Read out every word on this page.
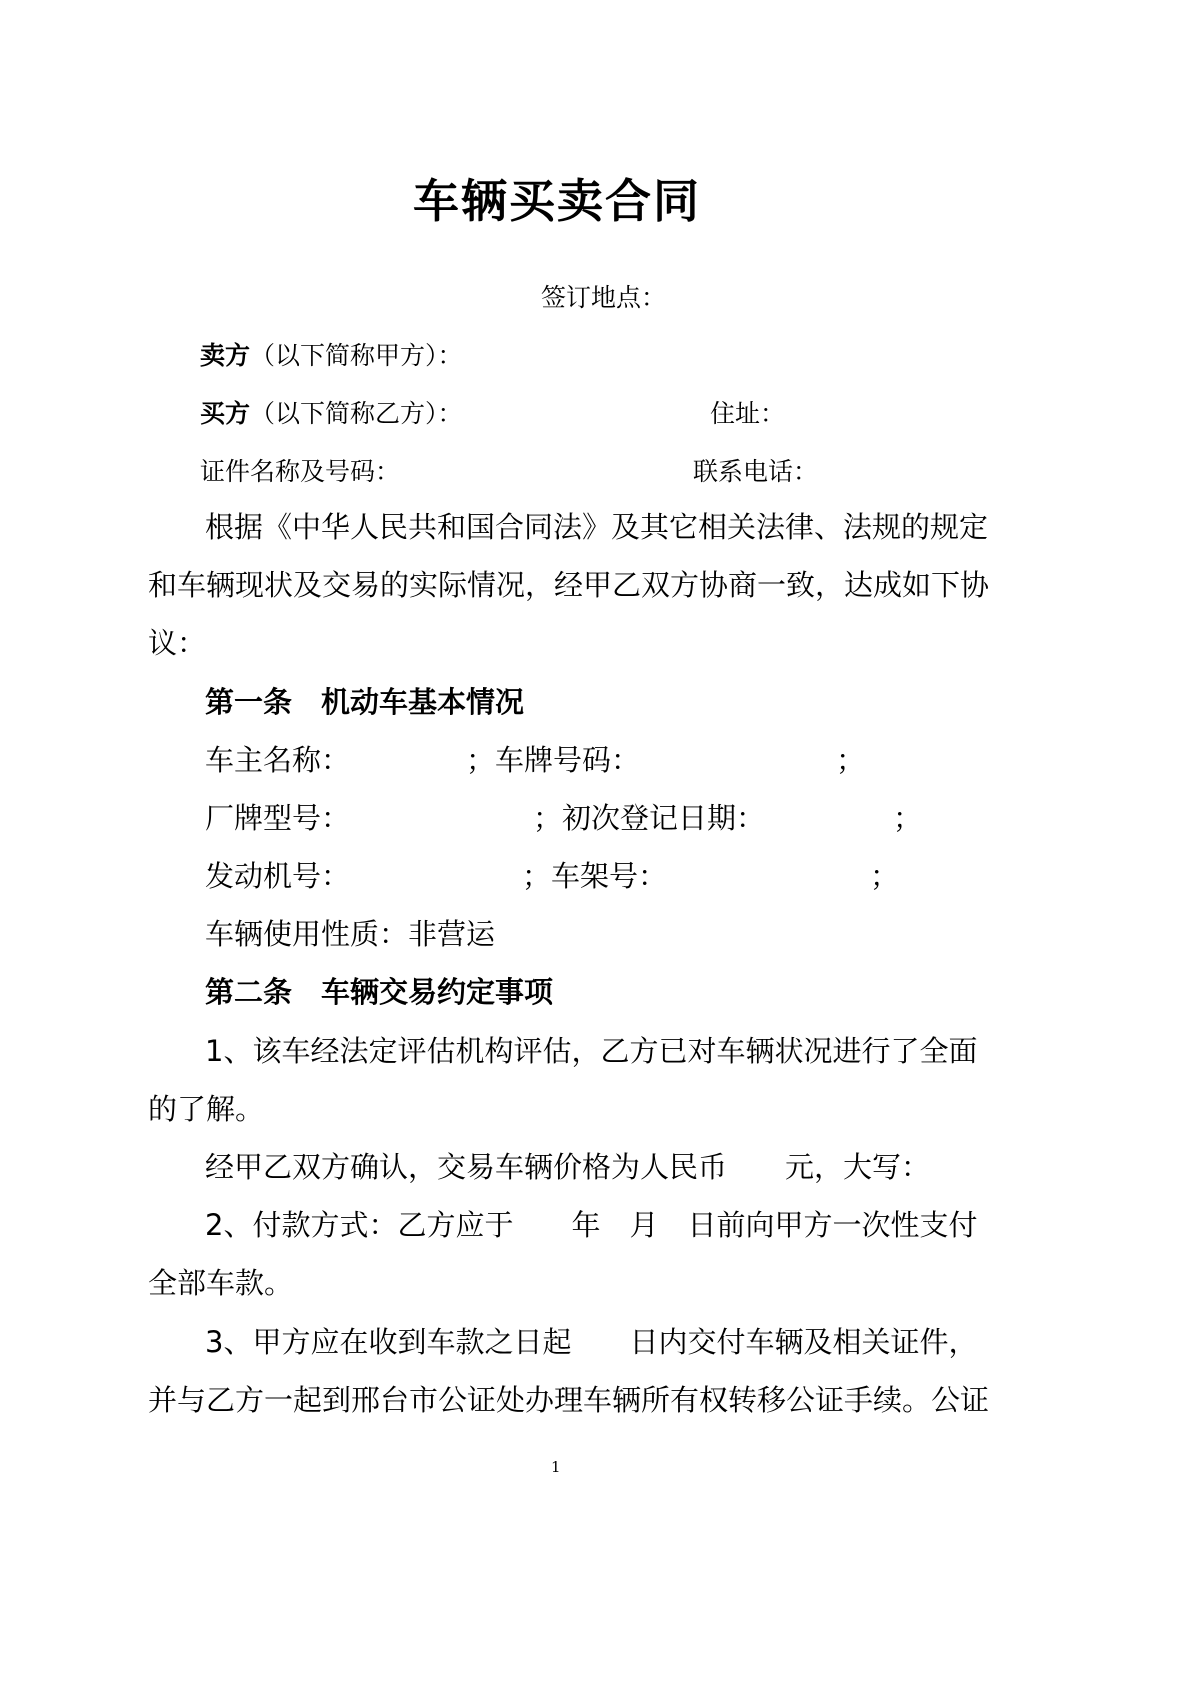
车辆买卖合同
签订地点：
卖方（以下简称甲方）：
买方（以下简称乙方）：	住址：
证件名称及号码：	联系电话：
根据《中华人民共和国合同法》及其它相关法律、法规的规定
和车辆现状及交易的实际情况，经甲乙双方协商一致，达成如下协
议：
第一条　机动车基本情况
车主名称：	；车牌号码：	；
厂牌型号：	；初次登记日期：	；
发动机号：	；车架号：	；
车辆使用性质：非营运
第二条　车辆交易约定事项
1、该车经法定评估机构评估，乙方已对车辆状况进行了全面
的了解。
经甲乙双方确认，交易车辆价格为人民币　　元，大写：
2、付款方式：乙方应于　　年　月　日前向甲方一次性支付
全部车款。
3、甲方应在收到车款之日起　　日内交付车辆及相关证件，
并与乙方一起到邢台市公证处办理车辆所有权转移公证手续。公证
1
